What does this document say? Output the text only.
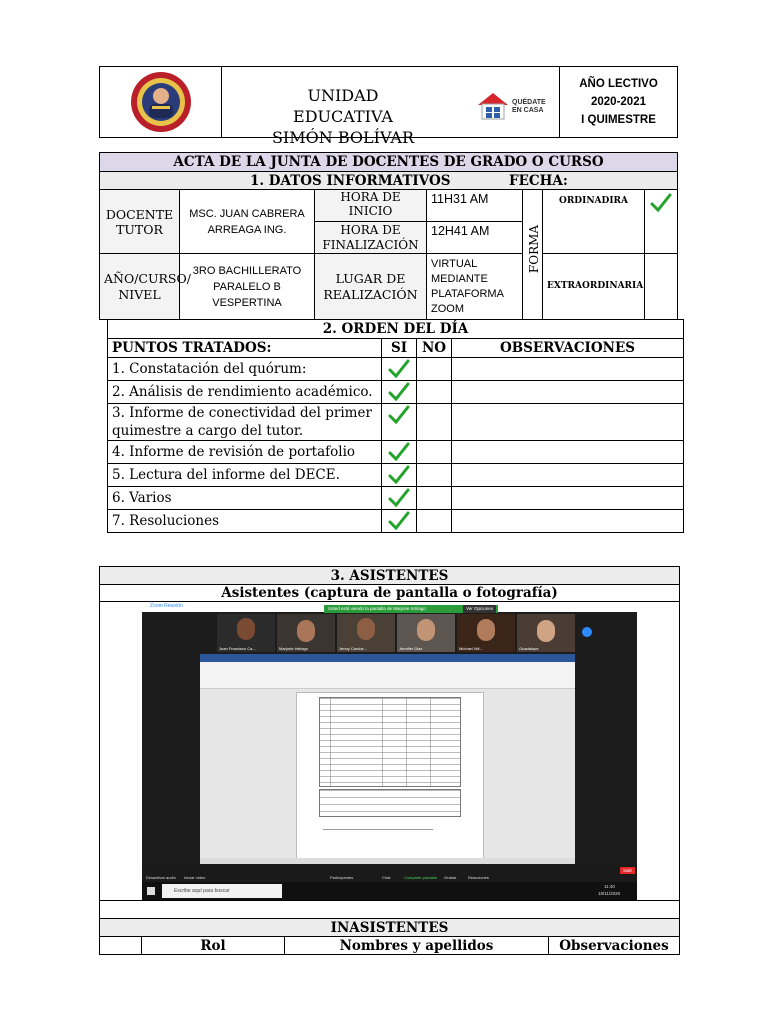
UNIDAD EDUCATIVA
SIMÓN BOLÍVAR
QUÉDATE
EN CASA

AÑO LECTIVO
2020-2021
I QUIMESTRE
ACTA DE LA JUNTA DE DOCENTES DE GRADO O CURSO						

1. DATOS INFORMATIVOS FECHA:						

DOCENTE TUTOR	MSC. JUAN CABRERA ARREAGA ING.	HORA DE INICIO	11H31 AM	FORMA	ORDINADIRA	

		HORA DE FINALIZACIÓN	12H41 AM			
AÑO/CURSO/ NIVEL	3RO BACHILLERATO PARALELO B VESPERTINA	LUGAR DE REALIZACIÓN	VIRTUAL MEDIANTE PLATAFORMA ZOOM		EXTRAORDINARIA	

2. ORDEN DEL DÍA			
PUNTOS TRATADOS:	SI	NO	OBSERVACIONES
1. Constatación del quórum:	

2. Análisis de rendimiento académico.	

3. Informe de conectividad del primer quimestre a cargo del tutor.	

4. Informe de revisión de portafolio	

5. Lectura del informe del DECE.	

6. Varios	

7. Resoluciones	

3. ASISTENTES
Asistentes (captura de pantalla o fotografía)

Zoom Reunión	Usted está viendo la pantalla de Marjorie Intriago	Ver Opciones
Juan Francisco Ca...	Marjorie Intriago	Jenny Cardoz...	Jennifer Diaz	Michael Wil...	Guadalupe
Desactivar audio Iniciar video	Participantes	Chat	Compartir pantalla Grabar	Reacciones
Salir
Escribe aquí para buscar
11:40
18/11/2020

INASISTENTES
	Rol	Nombres y apellidos	Observaciones
